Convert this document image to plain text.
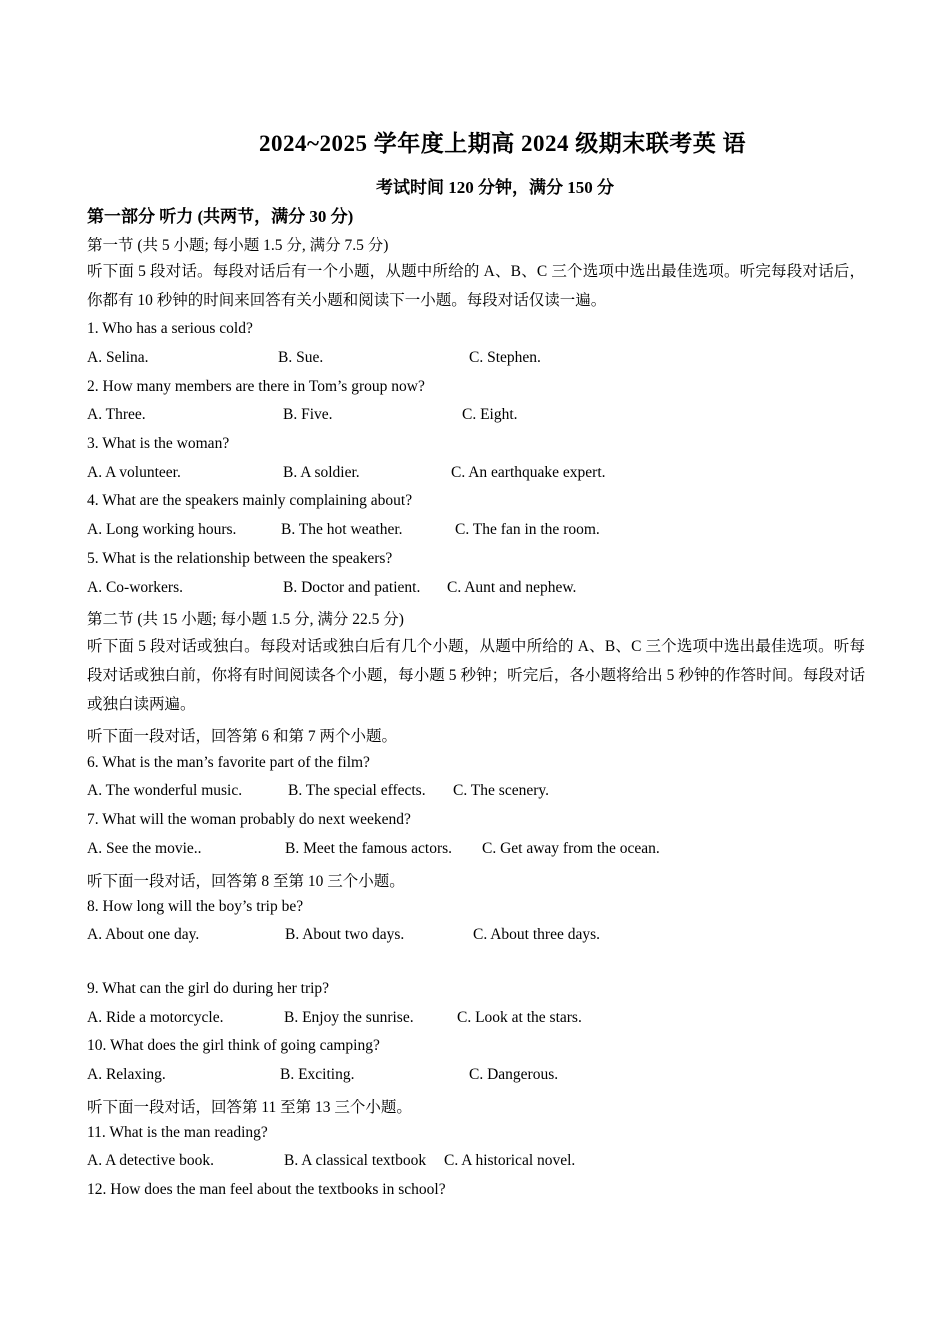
2024~2025 学年度上期高 2024 级期末联考英 语
考试时间 120 分钟，满分 150 分
第一部分 听力 (共两节，满分 30 分)
第一节 (共 5 小题; 每小题 1.5 分, 满分 7.5 分)
听下面 5 段对话。每段对话后有一个小题，从题中所给的 A、B、C 三个选项中选出最佳选项。听完每段对话后，你都有 10 秒钟的时间来回答有关小题和阅读下一小题。每段对话仅读一遍。
1. Who has a serious cold?
A. Selina.	B. Sue.	C. Stephen.
2. How many members are there in Tom’s group now?
A. Three.	B. Five.	C. Eight.
3. What is the woman?
A. A volunteer.	B. A soldier.	C. An earthquake expert.
4. What are the speakers mainly complaining about?
A. Long working hours.	B. The hot weather.	C. The fan in the room.
5. What is the relationship between the speakers?
A. Co-workers.	B. Doctor and patient. C. Aunt and nephew.
第二节 (共 15 小题; 每小题 1.5 分, 满分 22.5 分)
听下面 5 段对话或独白。每段对话或独白后有几个小题，从题中所给的 A、B、C 三个选项中选出最佳选项。听每段对话或独白前，你将有时间阅读各个小题，每小题 5 秒钟；听完后，各小题将给出 5 秒钟的作答时间。每段对话或独白读两遍。
听下面一段对话，回答第 6 和第 7 两个小题。
6. What is the man’s favorite part of the film?
A. The wonderful music.	B. The special effects. C. The scenery.
7. What will the woman probably do next weekend?
A. See the movie..	B. Meet the famous actors. C. Get away from the ocean.
听下面一段对话，回答第 8 至第 10 三个小题。
8. How long will the boy’s trip be?
A. About one day.	B. About two days.	C. About three days.
9. What can the girl do during her trip?
A. Ride a motorcycle.	B. Enjoy the sunrise.	C. Look at the stars.
10. What does the girl think of going camping?
A. Relaxing.	B. Exciting.	C. Dangerous.
听下面一段对话，回答第 11 至第 13 三个小题。
11. What is the man reading?
A. A detective book.	B. A classical textbook C. A historical novel.
12. How does the man feel about the textbooks in school?
